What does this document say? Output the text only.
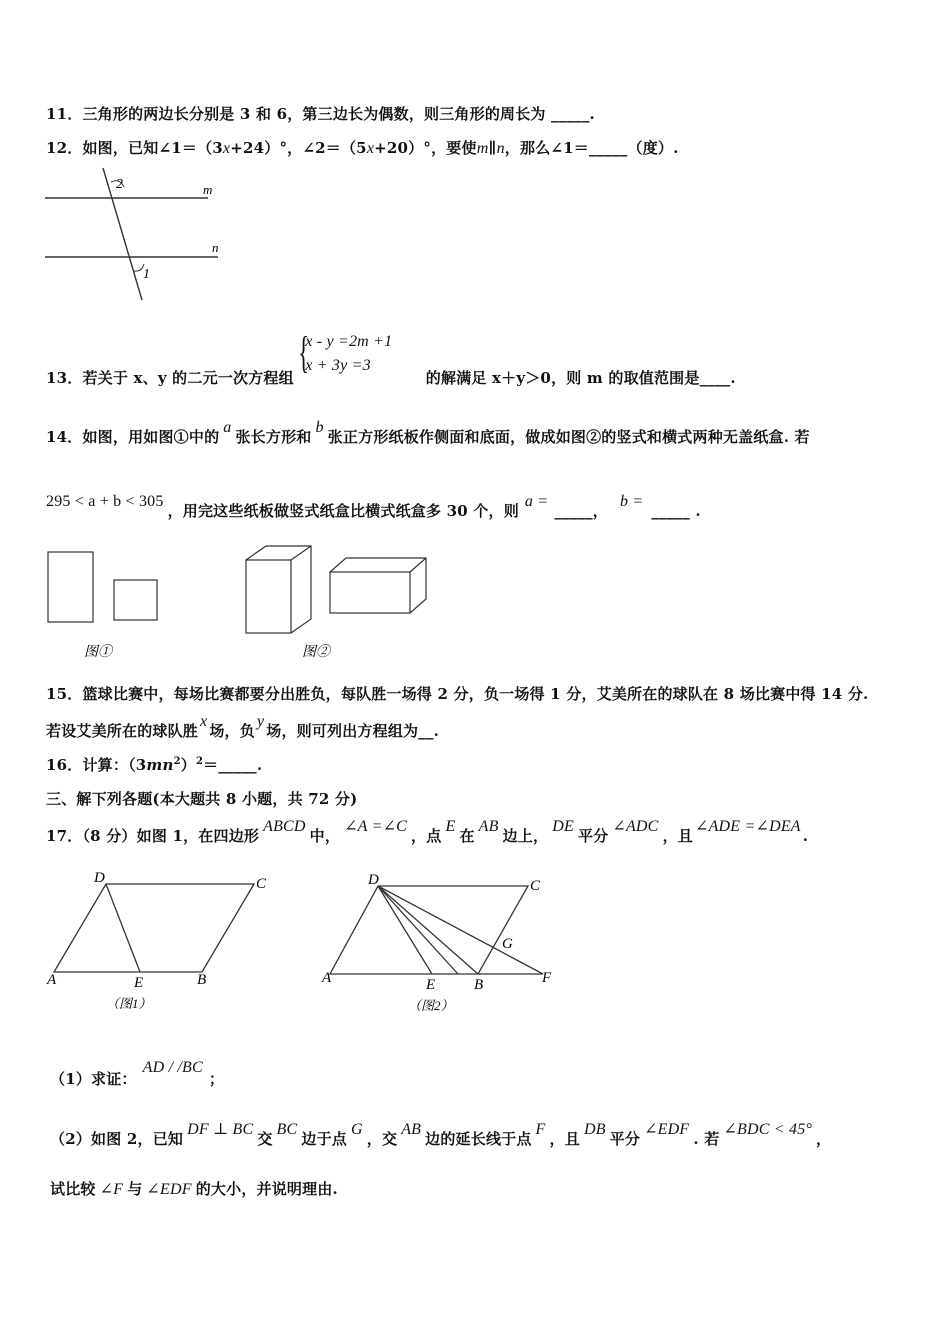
11．三角形的两边长分别是 3 和 6，第三边长为偶数，则三角形的周长为 _____.
12．如图，已知∠1＝（3x+24）°，∠2＝（5x+20）°，要使m∥n，那么∠1＝_____（度）.
2
1
m
n
13．若关于 x、y 的二元一次方程组
{
x - y =2m +1
x + 3y =3
的解满足 x＋y＞0，则 m 的取值范围是____.
14．如图，用如图①中的a张长方形和b张正方形纸板作侧面和底面，做成如图②的竖式和横式两种无盖纸盒. 若
295 < a + b < 305，用完这些纸板做竖式纸盒比横式纸盒多 30 个，则a =_____，b =_____ .
图①	图②
15．篮球比赛中，每场比赛都要分出胜负，每队胜一场得 2 分，负一场得 1 分，艾美所在的球队在 8 场比赛中得 14 分.
若设艾美所在的球队胜x场，负y场，则可列出方程组为__.
16．计算：$(3mn^2)^2=\_\_\_\_\_$.
三、解下列各题(本大题共 8 小题，共 72 分)
17．（8 分）如图 1，在四边形ABCD中，∠A =∠C，点E在AB边上，DE平分∠ADC，且∠ADE =∠DEA.
D	C
A	E	B
（图1）
D	C
G
A	E	B	F
（图2）
（1）求证：AD / /BC；
（2）如图 2，已知DF ⊥ BC交BC边于点G，交AB边的延长线于点F，且DB平分∠EDF. 若∠BDC < 45°，
试比较 ∠F 与 ∠EDF 的大小，并说明理由.
